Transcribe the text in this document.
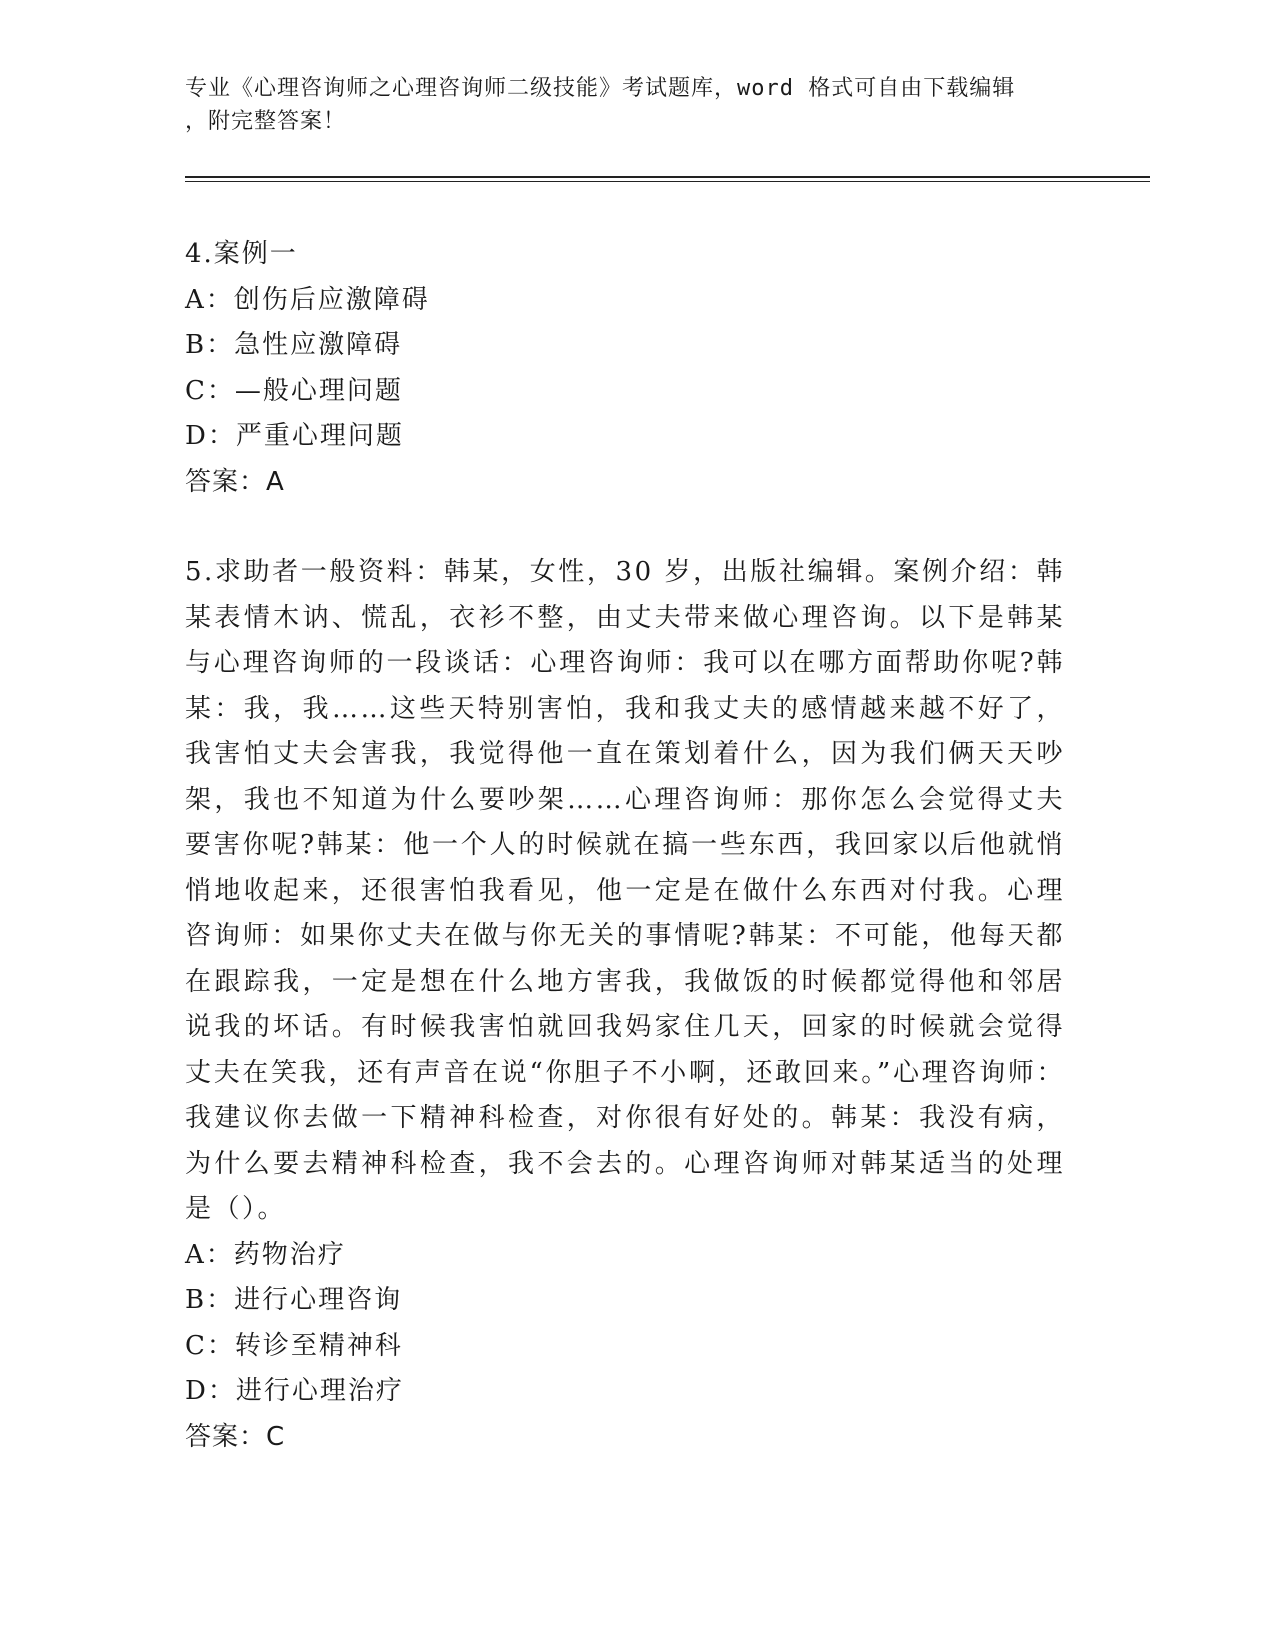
专业《心理咨询师之心理咨询师二级技能》考试题库，word 格式可自由下载编辑
，附完整答案！
4.案例一
A：创伤后应激障碍
B：急性应激障碍
C：—般心理问题
D：严重心理问题
答案：A
5.求助者一般资料：韩某，女性，30 岁，出版社编辑。案例介绍：韩某表情木讷、慌乱，衣衫不整，由丈夫带来做心理咨询。以下是韩某与心理咨询师的一段谈话：心理咨询师：我可以在哪方面帮助你呢?韩某：我，我……这些天特别害怕，我和我丈夫的感情越来越不好了，我害怕丈夫会害我，我觉得他一直在策划着什么，因为我们俩天天吵架，我也不知道为什么要吵架……心理咨询师：那你怎么会觉得丈夫要害你呢?韩某：他一个人的时候就在搞一些东西，我回家以后他就悄悄地收起来，还很害怕我看见，他一定是在做什么东西对付我。心理咨询师：如果你丈夫在做与你无关的事情呢?韩某：不可能，他每天都在跟踪我，一定是想在什么地方害我，我做饭的时候都觉得他和邻居说我的坏话。有时候我害怕就回我妈家住几天，回家的时候就会觉得丈夫在笑我，还有声音在说“你胆子不小啊，还敢回来。”心理咨询师：我建议你去做一下精神科检查，对你很有好处的。韩某：我没有病，为什么要去精神科检查，我不会去的。心理咨询师对韩某适当的处理是（）。
A：药物治疗
B：进行心理咨询
C：转诊至精神科
D：进行心理治疗
答案：C
